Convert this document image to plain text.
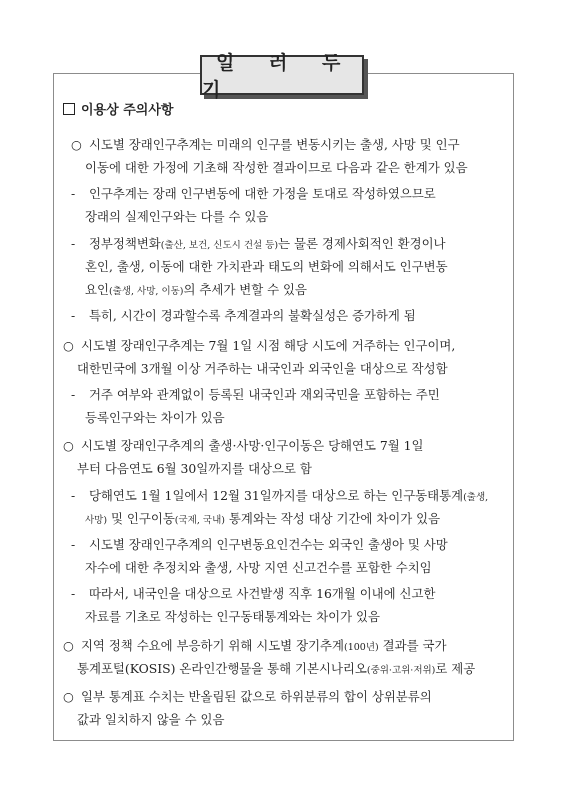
일 러 두 기
이용상 주의사항
○ 시도별 장래인구추계는 미래의 인구를 변동시키는 출생, 사망 및 인구
이동에 대한 가정에 기초해 작성한 결과이므로 다음과 같은 한계가 있음
- 인구추계는 장래 인구변동에 대한 가정을 토대로 작성하였으므로
장래의 실제인구와는 다를 수 있음
- 정부정책변화(출산, 보건, 신도시 건설 등)는 물론 경제사회적인 환경이나
혼인, 출생, 이동에 대한 가치관과 태도의 변화에 의해서도 인구변동
요인(출생, 사망, 이동)의 추세가 변할 수 있음
- 특히, 시간이 경과할수록 추계결과의 불확실성은 증가하게 됨
○ 시도별 장래인구추계는 7월 1일 시점 해당 시도에 거주하는 인구이며,
대한민국에 3개월 이상 거주하는 내국인과 외국인을 대상으로 작성함
- 거주 여부와 관계없이 등록된 내국인과 재외국민을 포함하는 주민
등록인구와는 차이가 있음
○ 시도별 장래인구추계의 출생·사망·인구이동은 당해연도 7월 1일
부터 다음연도 6월 30일까지를 대상으로 함
- 당해연도 1월 1일에서 12월 31일까지를 대상으로 하는 인구동태통계(출생,
사망) 및 인구이동(국제, 국내) 통계와는 작성 대상 기간에 차이가 있음
- 시도별 장래인구추계의 인구변동요인건수는 외국인 출생아 및 사망
자수에 대한 추정치와 출생, 사망 지연 신고건수를 포함한 수치임
- 따라서, 내국인을 대상으로 사건발생 직후 16개월 이내에 신고한
자료를 기초로 작성하는 인구동태통계와는 차이가 있음
○ 지역 정책 수요에 부응하기 위해 시도별 장기추계(100년) 결과를 국가
통계포털(KOSIS) 온라인간행물을 통해 기본시나리오(중위·고위·저위)로 제공
○ 일부 통계표 수치는 반올림된 값으로 하위분류의 합이 상위분류의
값과 일치하지 않을 수 있음
